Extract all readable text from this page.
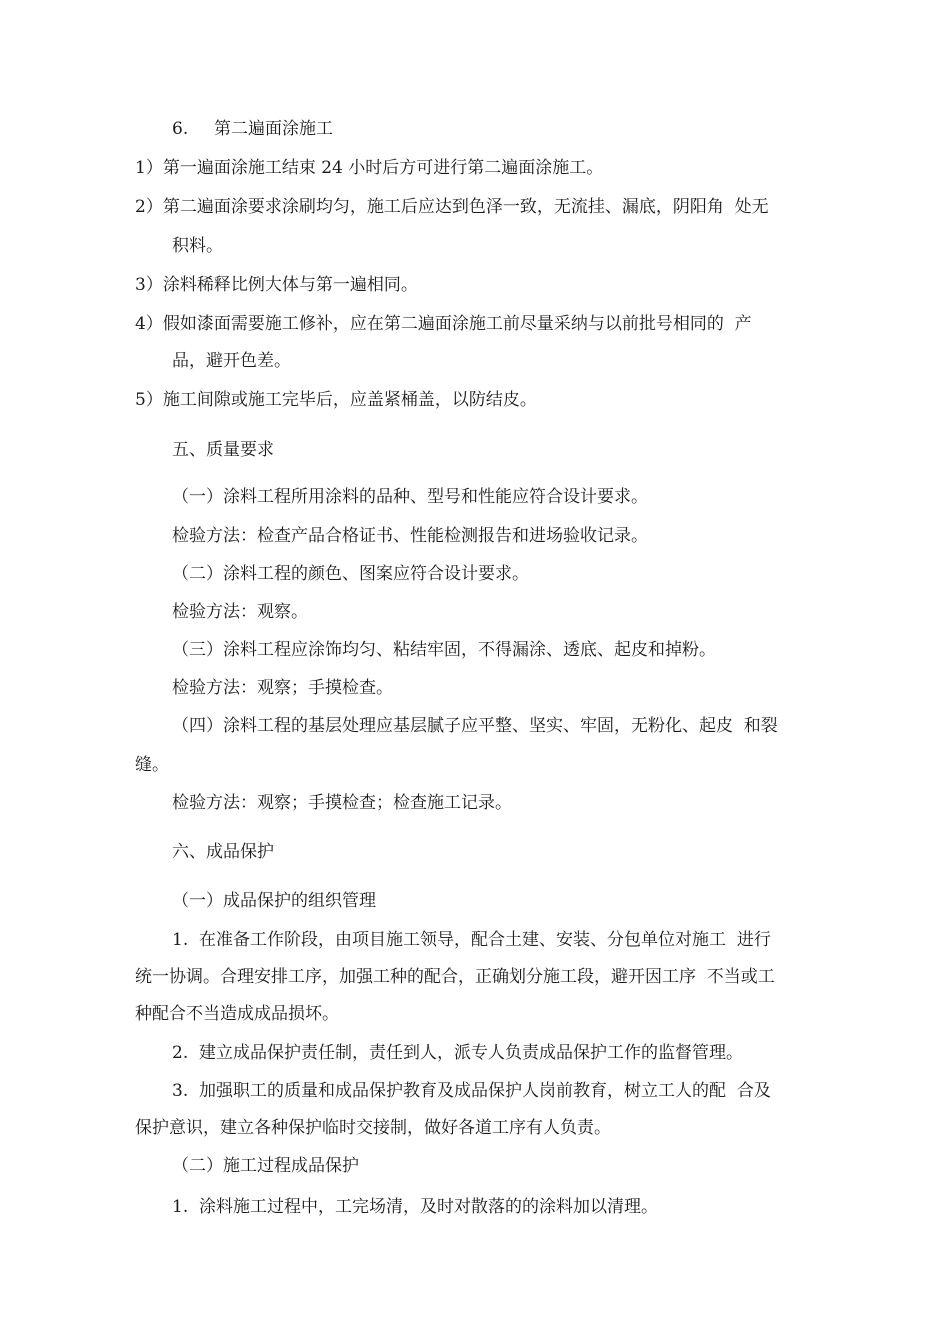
6. 第二遍面涂施工
1）第一遍面涂施工结束 24 小时后方可进行第二遍面涂施工。
2）第二遍面涂要求涂刷均匀，施工后应达到色泽一致，无流挂、漏底，阴阳角  处无
积料。
3）涂料稀释比例大体与第一遍相同。
4）假如漆面需要施工修补，应在第二遍面涂施工前尽量采纳与以前批号相同的  产
品，避开色差。
5）施工间隙或施工完毕后，应盖紧桶盖，以防结皮。
五、质量要求
（一）涂料工程所用涂料的品种、型号和性能应符合设计要求。
检验方法：检查产品合格证书、性能检测报告和进场验收记录。
（二）涂料工程的颜色、图案应符合设计要求。
检验方法：观察。
（三）涂料工程应涂饰均匀、粘结牢固，不得漏涂、透底、起皮和掉粉。
检验方法：观察；手摸检查。
（四）涂料工程的基层处理应基层腻子应平整、坚实、牢固，无粉化、起皮  和裂
缝。
检验方法：观察；手摸检查；检查施工记录。
六、成品保护
（一）成品保护的组织管理
1.  在准备工作阶段，由项目施工领导，配合土建、安装、分包单位对施工  进行
统一协调。合理安排工序，加强工种的配合，正确划分施工段，避开因工序  不当或工
种配合不当造成成品损坏。
2.  建立成品保护责任制，责任到人，派专人负责成品保护工作的监督管理。
3.  加强职工的质量和成品保护教育及成品保护人岗前教育，树立工人的配  合及
保护意识，建立各种保护临时交接制，做好各道工序有人负责。
（二）施工过程成品保护
1.  涂料施工过程中，工完场清，及时对散落的的涂料加以清理。
